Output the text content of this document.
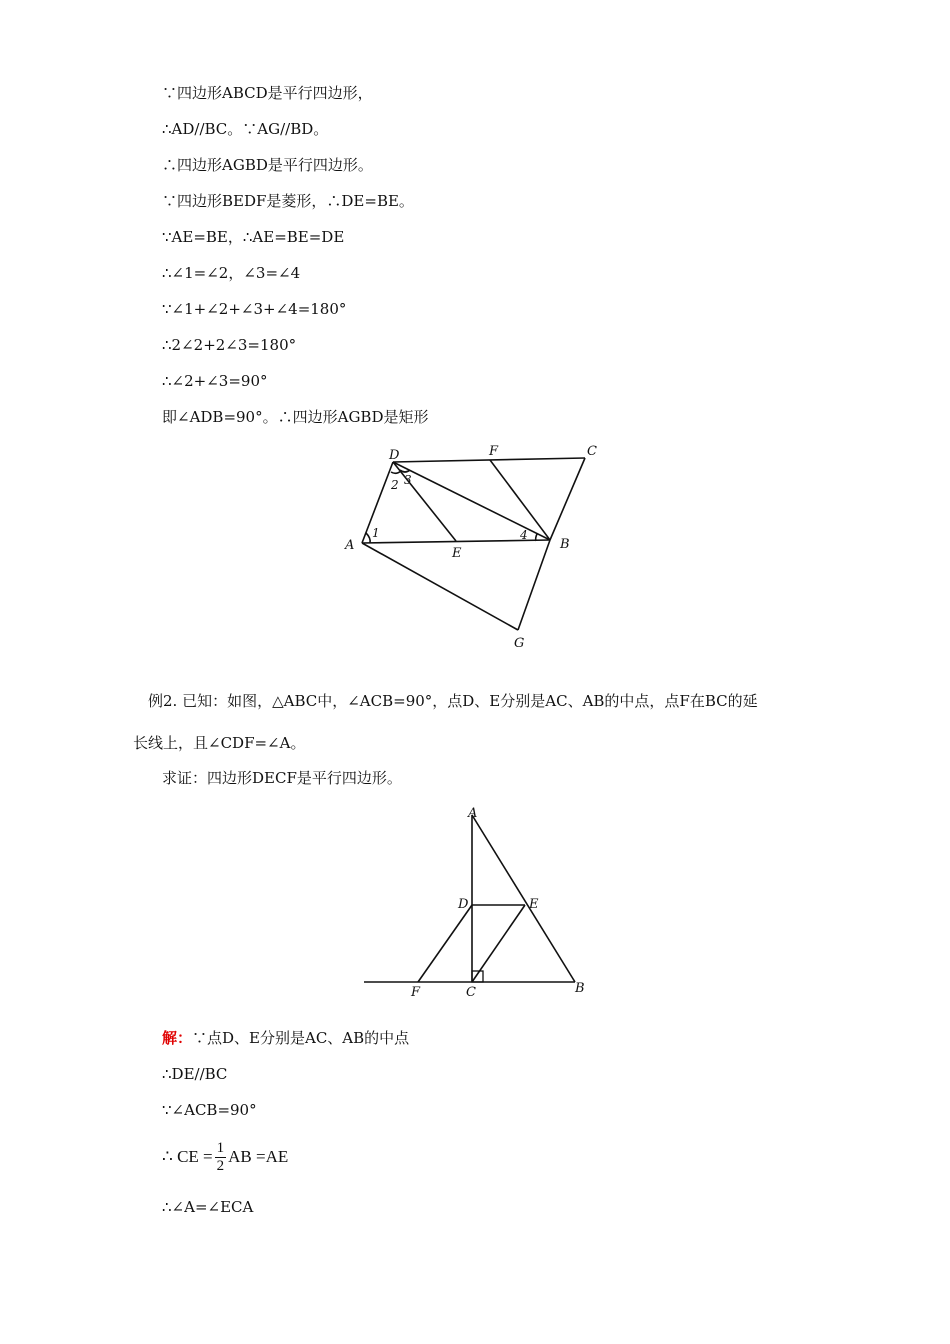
∵四边形ABCD是平行四边形，
∴AD//BC。∵AG//BD。
∴四边形AGBD是平行四边形。
∵四边形BEDF是菱形，∴DE=BE。
∵AE=BE，∴AE=BE=DE
∴∠1=∠2，∠3=∠4
∵∠1+∠2+∠3+∠4=180°
∴2∠2+2∠3=180°
∴∠2+∠3=90°
即∠ADB=90°。∴四边形AGBD是矩形
D	F	C
A
E
B
G
1
2 3
4
例2. 已知：如图，△ABC中，∠ACB=90°，点D、E分别是AC、AB的中点，点F在BC的延
长线上，且∠CDF=∠A。
求证：四边形DECF是平行四边形。
A
D	E
F	C	B
解：∵点D、E分别是AC、AB的中点
∴DE//BC
∵∠ACB=90°
∴ CE = $\frac{1}{2}$ AB =AE
∴∠A=∠ECA
